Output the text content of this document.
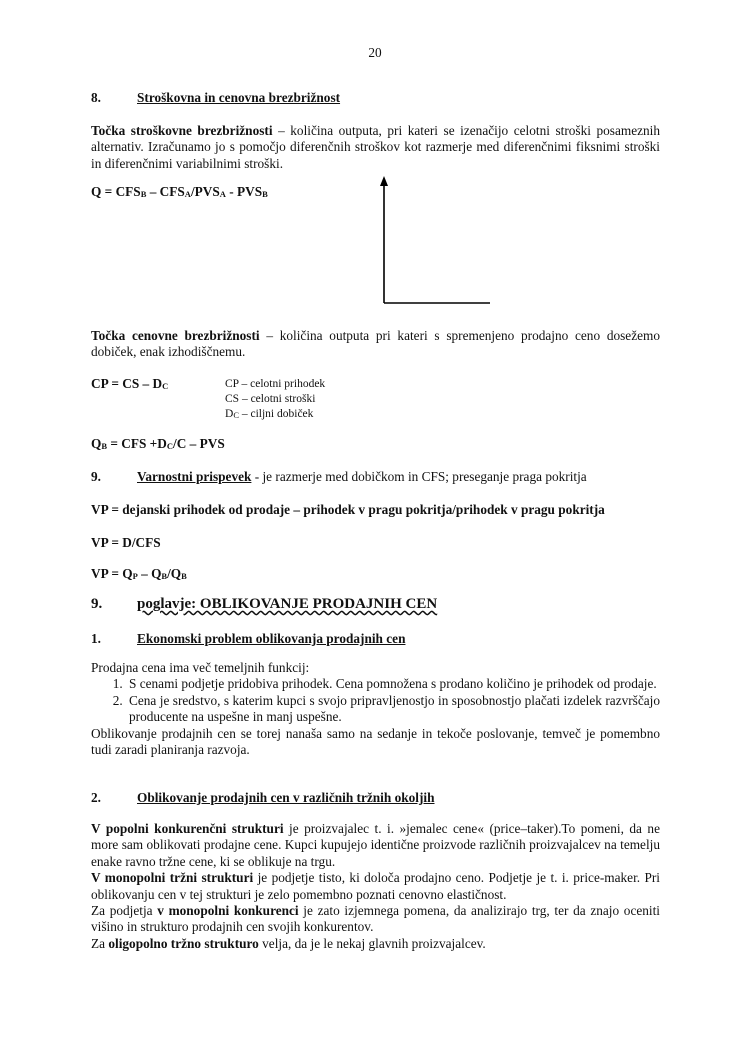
20
8.	Stroškovna in cenovna brezbrižnost
Točka stroškovne brezbrižnosti – količina outputa, pri kateri se izenačijo celotni stroški posameznih alternativ. Izračunamo jo s pomočjo diferenčnih stroškov kot razmerje med diferenčnimi fiksnimi stroški in diferenčnimi variabilnimi stroški.
$Q = CFS_B - CFS_A/PVS_A - PVS_B$
Točka cenovne brezbrižnosti – količina outputa pri kateri s spremenjeno prodajno ceno dosežemo dobiček, enak izhodiščnemu.
CP = CS – $D_C$	CP – celotni prihodek
CS – celotni stroški
$D_C$ – ciljni dobiček
$Q_B$ = CFS $+D_C/C$ – PVS
9.	Varnostni prispevek - je razmerje med dobičkom in CFS; preseganje praga pokritja
VP = dejanski prihodek od prodaje – prihodek v pragu pokritja/prihodek v pragu pokritja
VP = D/CFS
VP = $Q_P - Q_B/Q_B$
9. poglavje: OBLIKOVANJE PRODAJNIH CEN
1.	Ekonomski problem oblikovanja prodajnih cen
Prodajna cena ima več temeljnih funkcij:
1. S cenami podjetje pridobiva prihodek. Cena pomnožena s prodano količino je prihodek od prodaje.
2. Cena je sredstvo, s katerim kupci s svojo pripravljenostjo in sposobnostjo plačati izdelek razvrščajo producente na uspešne in manj uspešne.
Oblikovanje prodajnih cen se torej nanaša samo na sedanje in tekoče poslovanje, temveč je pomembno tudi zaradi planiranja razvoja.
2.	Oblikovanje prodajnih cen v različnih tržnih okoljih
V popolni konkurenčni strukturi je proizvajalec t. i. »jemalec cene« (price–taker).To pomeni, da ne more sam oblikovati prodajne cene. Kupci kupujejo identične proizvode različnih proizvajalcev na temelju enake ravno tržne cene, ki se oblikuje na trgu.
V monopolni tržni strukturi je podjetje tisto, ki določa prodajno ceno. Podjetje je t. i. price-maker. Pri oblikovanju cen v tej strukturi je zelo pomembno poznati cenovno elastičnost.
Za podjetja v monopolni konkurenci je zato izjemnega pomena, da analizirajo trg, ter da znajo oceniti višino in strukturo prodajnih cen svojih konkurentov.
Za oligopolno tržno strukturo velja, da je le nekaj glavnih proizvajalcev.
